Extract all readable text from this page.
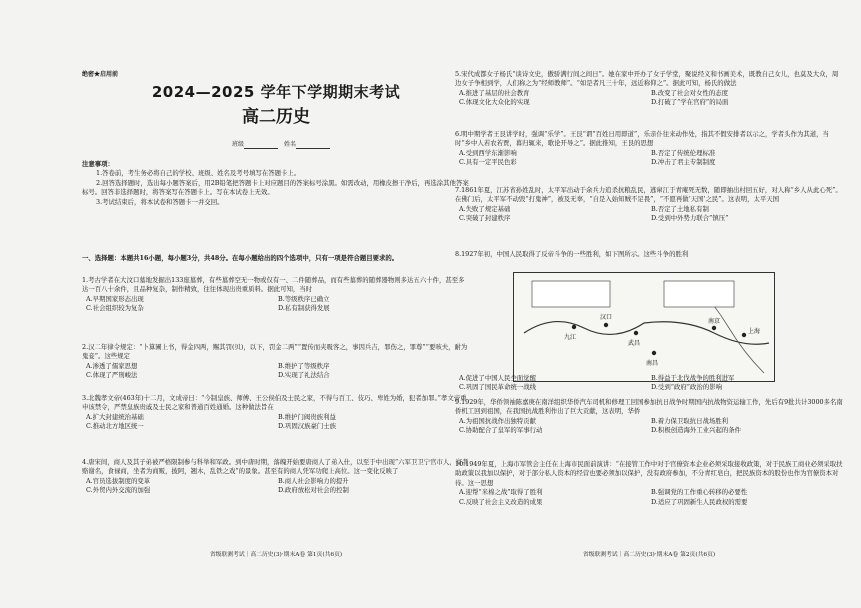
绝密★启用前
2024—2025 学年下学期期末考试
高二历史
班级	姓名
注意事项：
1.答卷前，考生务必将自己的学校、班级、姓名及考号填写在答题卡上。
2.回答选择题时，选出每小题答案后，用2B铅笔把答题卡上对应题目的答案标号涂黑。如需改动，用橡皮擦干净后，再选涂其他答案标号。回答非选择题时，将答案写在答题卡上。写在本试卷上无效。
3.考试结束后，将本试卷和答题卡一并交回。
一、选择题：本题共16小题，每小题3分，共48分。在每小题给出的四个选项中，只有一项是符合题目要求的。
1.考古学者在大汶口墓地发掘出133座墓葬，有些墓葬空无一物或仅有一、二件随葬品，而有些墓葬的随葬器物则多达五六十件，甚至多达一百八十余件，且品种复杂，制作精致，往往体现出贵重质料。据此可知，当时
A.早期国家形态出现	B.等级秩序已确立
C.社会组织较为复杂	D.私有制获得发展
2.汉二年律令规定：“卜算圃上书，得金四两，赐其罚(贝)，以下，罚金二两”“置传而夹吸客之，事因兵吉，罪伤之，罪尊”“要咳夫，耐为鬼妾”。这些规定
A.渗透了儒家思想	B.维护了等级秩序
C.体现了严刑峻法	D.实现了礼法结合
3.北魏孝文帝(463年)十二月，文成帝曰：“今制皇族、师傅、王公侯伯及士民之家，不得与百工、伎巧、卑姓为婚，犯者加罪。”孝文帝重申该禁令，严禁皇族贵戚及士民之家和普通百姓通婚。这种做法旨在
A.扩大封建统治基础	B.维护门阀贵族利益
C.推动北方地区统一	D.巩固汉族豪门士族
4.唐宋间，商人及其子弟被严格限制参与科举和军政。到中唐时期，落魄开始要唐商人了弟入仕，以至于中出现“六军卫卫宁官市人，富者赂谢名，食禄商，坐者为商贩，披阿，翘木，乱铁之戏”的景象。甚至有的商人凭军功爬上高位。这一变化反映了
A.官员选拔制度的变革	B.商人社会影响力的提升
C.外贸内外交流的加强	D.政府放松对社会的控制
省级联测考试｜高二历史(3)·期末A卷 第1页(共6页)
5.宋代成都女子杨氏“谈诗文史，傲骄满行间之间日”。她在家中开办了女子学堂，聚说经义和书画美术，既教自己女儿，也莫及大众，周边女子争相到学，人们称之为“经师教师”。“如是者凡三十年，远近称仰之”。据此可知，杨氏的做法
A.推进了基层的社会教育	B.改变了社会对女性的态度
C.体现文化大众化的实现	D.打破了“学在官府”的局面
6.明中期学者王艮讲学时，强调“乐学”。王艮“谓”百姓日用即道”，乐亲仆往来动作处，指其不假安排者以示之，学者头作为其道，当时“乡中人若农若贾，暮归辄来，歌论开导之”。据此推知，王艮的思想
A.受到西学东渐影响	B.否定了传统伦理标准
C.具有一定平民色彩	D.冲击了君主专制制度
7.1861年夏，江苏省孙姓乱时，太平军出动于余兵力追杀抗粮乱民，逃窜江于青庵死无数，随即抽出村回五好，对人称“乡人从此心死”。在佛门后，太平军不动毁“打鬼神”，被及无辜，“自是入始知贼不足畏”，“不愿再做‘天国’之民”。这表明，太平天国
A.失败了规定基础	B.否定了土地私有制
C.突破了封建秩序	D.受到中外势力联合”镇压”
8.1927年初，中国人民取得了反帝斗争的一些胜利，如下图所示。这些斗争的胜利
九江
汉口
武昌
南昌
上海
南京
A.促进了中国人民全面觉醒	B.得益于北伐战争的胜利进军
C.巩固了国民革命统一战线	D.受到“政府”政治的影响
9.1929年，华侨领袖陈嘉庚在南洋组织华侨汽车司机和修理工回国参加抗日战争时期国内抗战物资运输工作，先后有9批共计3000多名南侨机工回到祖国，在我国抗战胜利作出了巨大贡献，这表明，华侨
A.为祖国抗战作出独特贡献	B.着力保卫取抗日战场胜利
C.协助配合了皇军的军事行动	D.积极创造海外工业兴起的条件
10.1949年夏，上海市军管会主任在上海市民面前演讲：“在接管工作中对于官僚资本企业必须采取接收政策，对于民族工商业必须采取扶助政策以我加以保护，对于部分私人资本的经营也要必须加以保护，没有政府参加，不分青红皂白，把民族资本的股份也作为官僚资本对待。这一思想
A.迎帮“米棉之战”取得了胜利	B.强调党的工作重心转移的必要性
C.反映了社会主义改造的成果	D.适应了巩固新生人民政权的需要
省级联测考试｜高二历史(3)·期末A卷 第2页(共6页)
